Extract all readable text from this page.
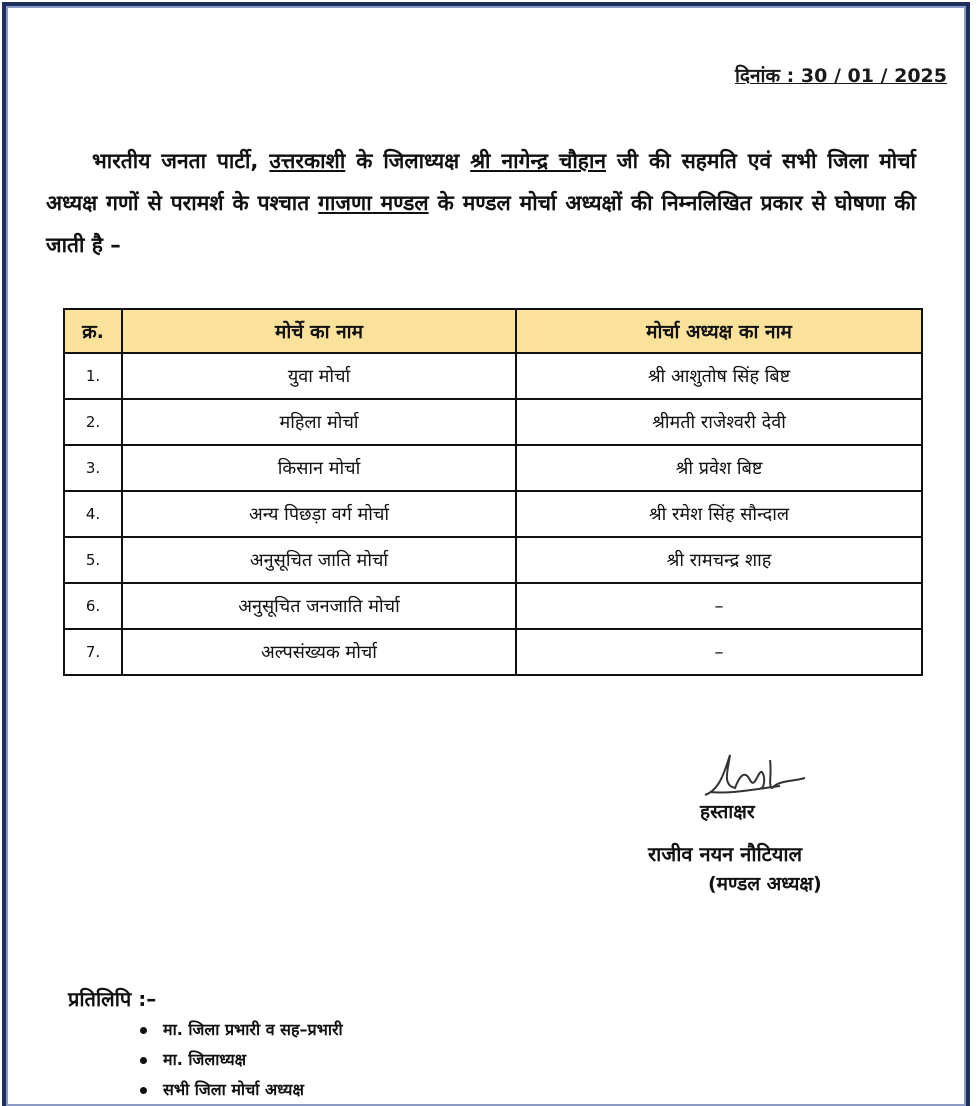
दिनांक : 30 / 01 / 2025
भारतीय जनता पार्टी, उत्तरकाशी के जिलाध्यक्ष श्री नागेन्द्र चौहान जी की सहमति एवं सभी जिला मोर्चा अध्यक्ष गणों से परामर्श के पश्चात गाजणा मण्डल के मण्डल मोर्चा अध्यक्षों की निम्नलिखित प्रकार से घोषणा की जाती है –
क्र.	मोर्चे का नाम	मोर्चा अध्यक्ष का नाम
1.	युवा मोर्चा	श्री आशुतोष सिंह बिष्ट
2.	महिला मोर्चा	श्रीमती राजेश्वरी देवी
3.	किसान मोर्चा	श्री प्रवेश बिष्ट
4.	अन्य पिछड़ा वर्ग मोर्चा	श्री रमेश सिंह सौन्दाल
5.	अनुसूचित जाति मोर्चा	श्री रामचन्द्र शाह
6.	अनुसूचित जनजाति मोर्चा	–
7.	अल्पसंख्यक मोर्चा	–
हस्ताक्षर
राजीव नयन नौटियाल
(मण्डल अध्यक्ष)
प्रतिलिपि :–
मा. जिला प्रभारी व सह–प्रभारी
मा. जिलाध्यक्ष
सभी जिला मोर्चा अध्यक्ष
